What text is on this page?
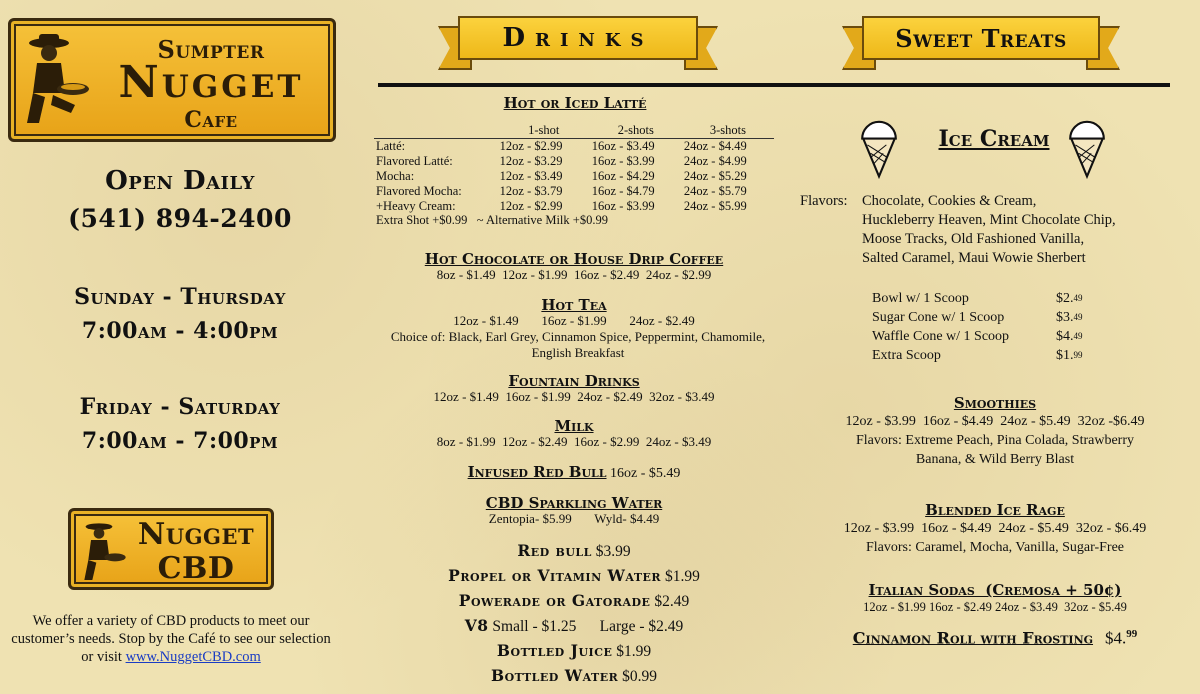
Sumpter
Nugget
Cafe
Open Daily
(541) 894-2400
Sunday - Thursday
7:00am - 4:00pm
Friday - Saturday
7:00am - 7:00pm
Nugget
CBD
We offer a variety of CBD products to meet our customer’s needs. Stop by the Café to see our selection or visit www.NuggetCBD.com
Drinks	Sweet Treats
Hot or Iced Latté
	1-shot	2-shots	3-shots
Latté:	12oz - $2.99	16oz - $3.49	24oz - $4.49
Flavored Latté:	12oz - $3.29	16oz - $3.99	24oz - $4.99
Mocha:	12oz - $3.49	16oz - $4.29	24oz - $5.29
Flavored Mocha:	12oz - $3.79	16oz - $4.79	24oz - $5.79
+Heavy Cream:	12oz - $2.99	16oz - $3.99	24oz - $5.99
Extra Shot +$0.99   ~ Alternative Milk +$0.99
Hot Chocolate or House Drip Coffee
8oz - $1.49  12oz - $1.99  16oz - $2.49  24oz - $2.99
Hot Tea
12oz - $1.49       16oz - $1.99       24oz - $2.49
Choice of: Black, Earl Grey, Cinnamon Spice, Peppermint, Chamomile, English Breakfast
Fountain Drinks
12oz - $1.49  16oz - $1.99  24oz - $2.49  32oz - $3.49
Milk
8oz - $1.99  12oz - $2.49  16oz - $2.99  24oz - $3.49
Infused Red Bull 16oz - $5.49
CBD Sparkling Water
Zentopia- $5.99       Wyld- $4.49
Red bull $3.99
Propel or Vitamin Water $1.99
Powerade or Gatorade $2.49
V8 Small - $1.25      Large - $2.49
Bottled Juice $1.99
Bottled Water $0.99
Ice Cream
Flavors: Chocolate, Cookies & Cream,
Huckleberry Heaven, Mint Chocolate Chip,
Moose Tracks, Old Fashioned Vanilla,
Salted Caramel, Maui Wowie Sherbert
Bowl w/ 1 Scoop	$2. 49
Sugar Cone w/ 1 Scoop	$3. 49
Waffle Cone w/ 1 Scoop	$4. 49
Extra Scoop	$1. 99
Smoothies
12oz - $3.99  16oz - $4.49  24oz - $5.49  32oz -$6.49
Flavors: Extreme Peach, Pina Colada, Strawberry
Banana, & Wild Berry Blast
Blended Ice Rage
12oz - $3.99  16oz - $4.49  24oz - $5.49  32oz - $6.49
Flavors: Caramel, Mocha, Vanilla, Sugar-Free
Italian Sodas  (Cremosa + 50¢)
12oz - $1.99 16oz - $2.49 24oz - $3.49  32oz - $5.49
Cinnamon Roll with Frosting $4.99
